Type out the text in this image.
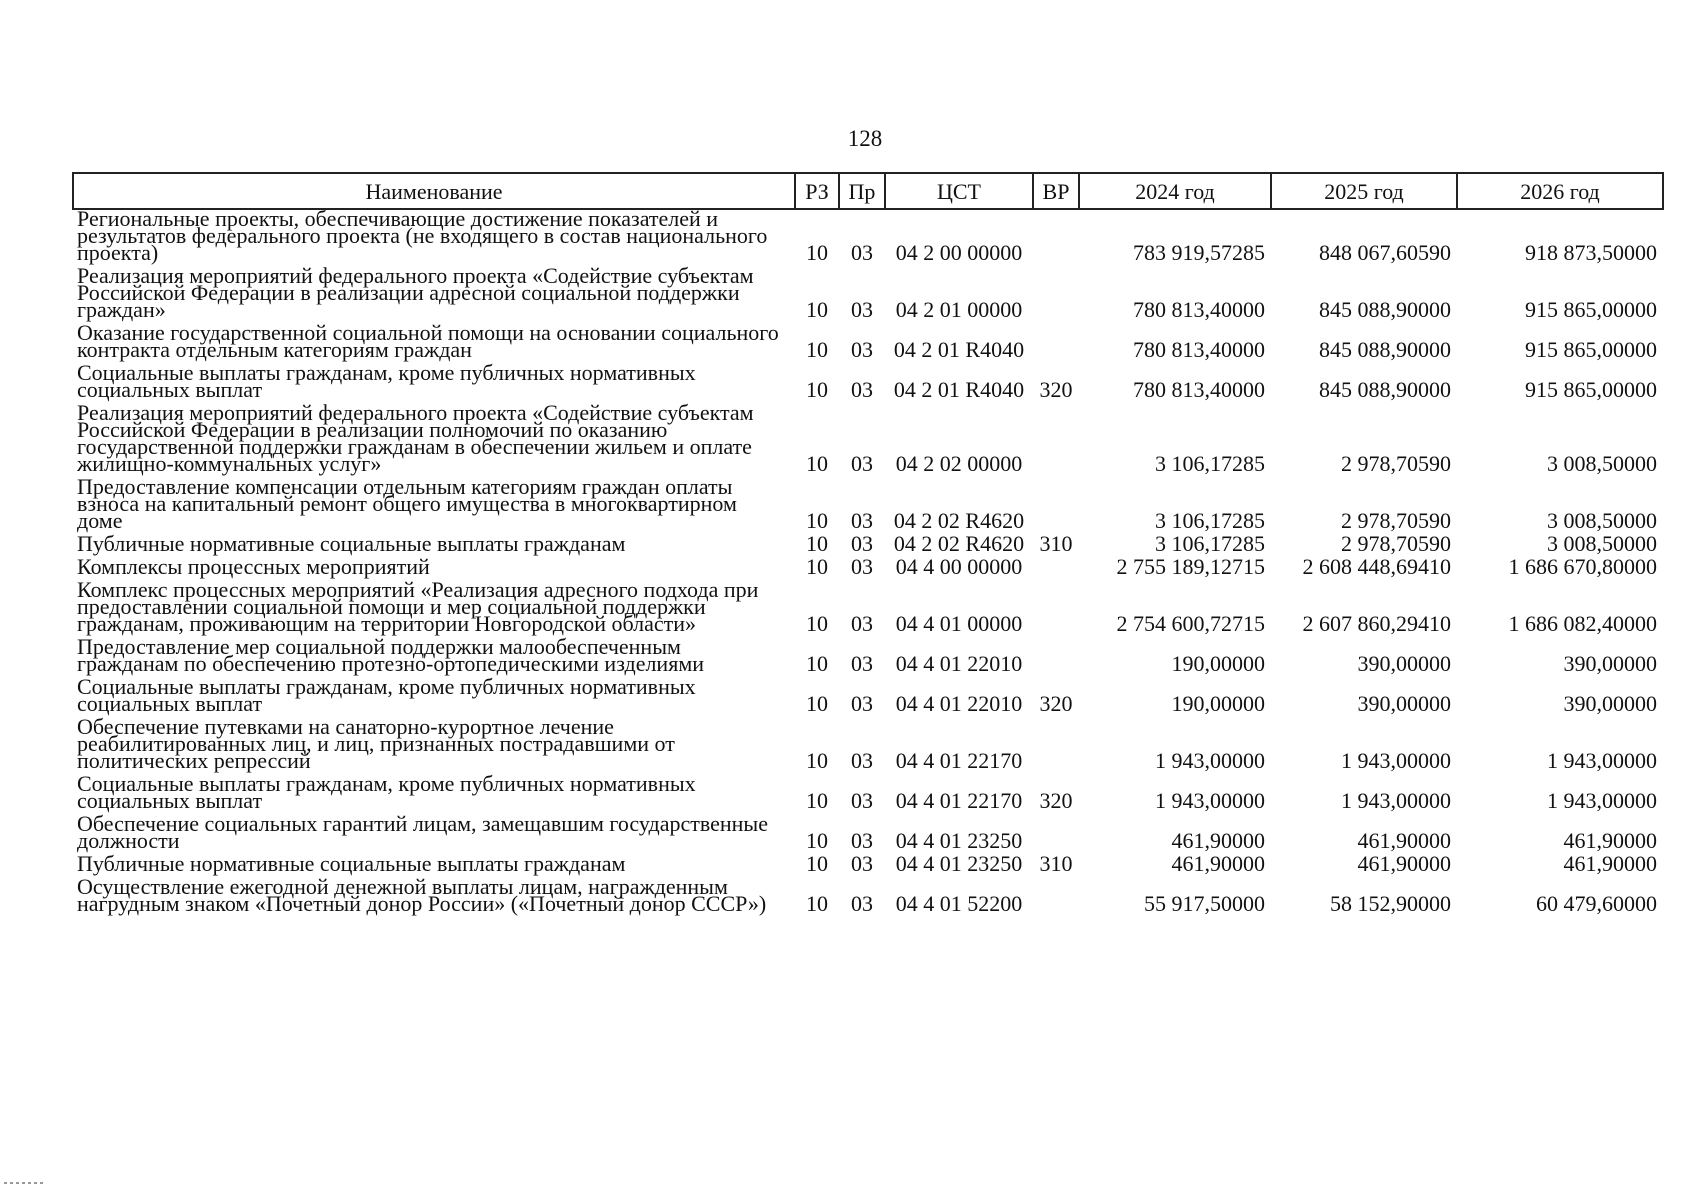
128
Наименование	РЗ	Пр	ЦСТ	ВР	2024 год	2025 год	2026 год
Региональные проекты, обеспечивающие достижение показателей и результатов федерального проекта (не входящего в состав национального проекта)	10	03	04 2 00 00000		783 919,57285	848 067,60590	918 873,50000
Реализация мероприятий федерального проекта «Содействие субъектам Российской Федерации в реализации адресной социальной поддержки граждан»	10	03	04 2 01 00000		780 813,40000	845 088,90000	915 865,00000
Оказание государственной социальной помощи на основании социального контракта отдельным категориям граждан	10	03	04 2 01 R4040		780 813,40000	845 088,90000	915 865,00000
Социальные выплаты гражданам, кроме публичных нормативных социальных выплат	10	03	04 2 01 R4040	320	780 813,40000	845 088,90000	915 865,00000
Реализация мероприятий федерального проекта «Содействие субъектам Российской Федерации в реализации полномочий по оказанию государственной поддержки гражданам в обеспечении жильем и оплате жилищно-коммунальных услуг»	10	03	04 2 02 00000		3 106,17285	2 978,70590	3 008,50000
Предоставление компенсации отдельным категориям граждан оплаты взноса на капитальный ремонт общего имущества в многоквартирном доме	10	03	04 2 02 R4620		3 106,17285	2 978,70590	3 008,50000
Публичные нормативные социальные выплаты гражданам	10	03	04 2 02 R4620	310	3 106,17285	2 978,70590	3 008,50000
Комплексы процессных мероприятий	10	03	04 4 00 00000		2 755 189,12715	2 608 448,69410	1 686 670,80000
Комплекс процессных мероприятий «Реализация адресного подхода при предоставлении социальной помощи и мер социальной поддержки гражданам, проживающим на территории Новгородской области»	10	03	04 4 01 00000		2 754 600,72715	2 607 860,29410	1 686 082,40000
Предоставление мер социальной поддержки малообеспеченным гражданам по обеспечению протезно-ортопедическими изделиями	10	03	04 4 01 22010		190,00000	390,00000	390,00000
Социальные выплаты гражданам, кроме публичных нормативных социальных выплат	10	03	04 4 01 22010	320	190,00000	390,00000	390,00000
Обеспечение путевками на санаторно-курортное лечение реабилитированных лиц, и лиц, признанных пострадавшими от политических репрессий	10	03	04 4 01 22170		1 943,00000	1 943,00000	1 943,00000
Социальные выплаты гражданам, кроме публичных нормативных социальных выплат	10	03	04 4 01 22170	320	1 943,00000	1 943,00000	1 943,00000
Обеспечение социальных гарантий лицам, замещавшим государственные должности	10	03	04 4 01 23250		461,90000	461,90000	461,90000
Публичные нормативные социальные выплаты гражданам	10	03	04 4 01 23250	310	461,90000	461,90000	461,90000
Осуществление ежегодной денежной выплаты лицам, награжденным нагрудным знаком «Почетный донор России» («Почетный донор СССР»)	10	03	04 4 01 52200		55 917,50000	58 152,90000	60 479,60000
